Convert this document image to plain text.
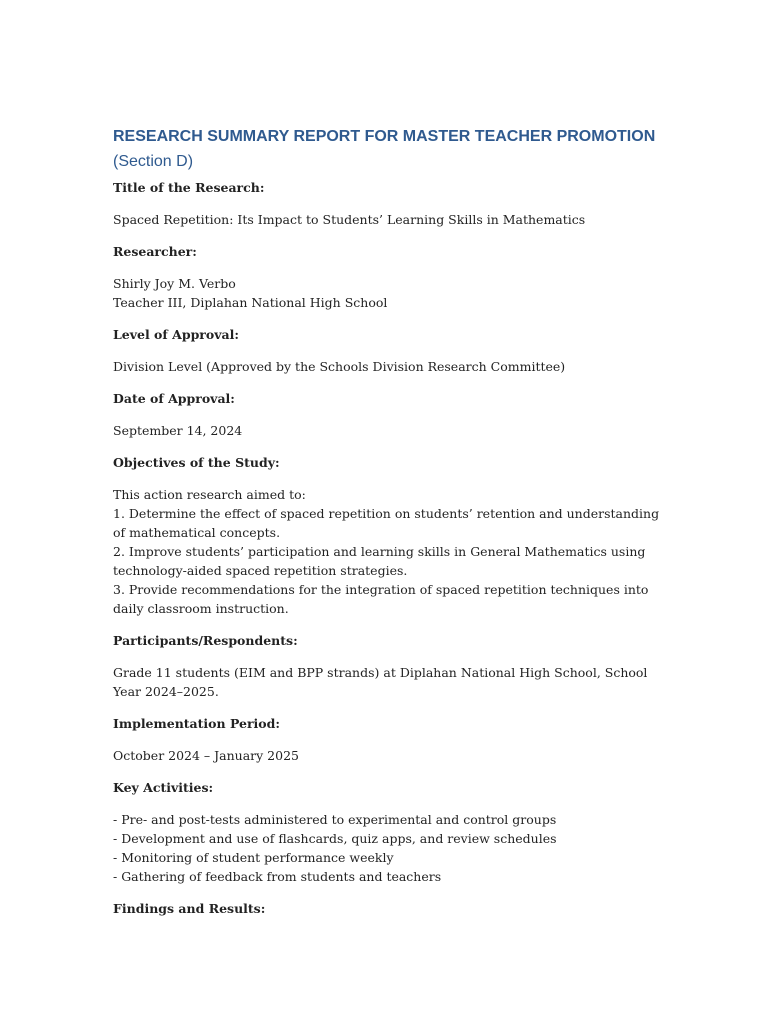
RESEARCH SUMMARY REPORT FOR MASTER TEACHER PROMOTION
(Section D)

Title of the Research:

Spaced Repetition: Its Impact to Students’ Learning Skills in Mathematics

Researcher:

Shirly Joy M. Verbo
Teacher III, Diplahan National High School

Level of Approval:

Division Level (Approved by the Schools Division Research Committee)

Date of Approval:

September 14, 2024

Objectives of the Study:

This action research aimed to:
1. Determine the effect of spaced repetition on students’ retention and understanding of mathematical concepts.
2. Improve students’ participation and learning skills in General Mathematics using technology-aided spaced repetition strategies.
3. Provide recommendations for the integration of spaced repetition techniques into daily classroom instruction.

Participants/Respondents:

Grade 11 students (EIM and BPP strands) at Diplahan National High School, School Year 2024–2025.

Implementation Period:

October 2024 – January 2025

Key Activities:

- Pre- and post-tests administered to experimental and control groups
- Development and use of flashcards, quiz apps, and review schedules
- Monitoring of student performance weekly
- Gathering of feedback from students and teachers

Findings and Results:
